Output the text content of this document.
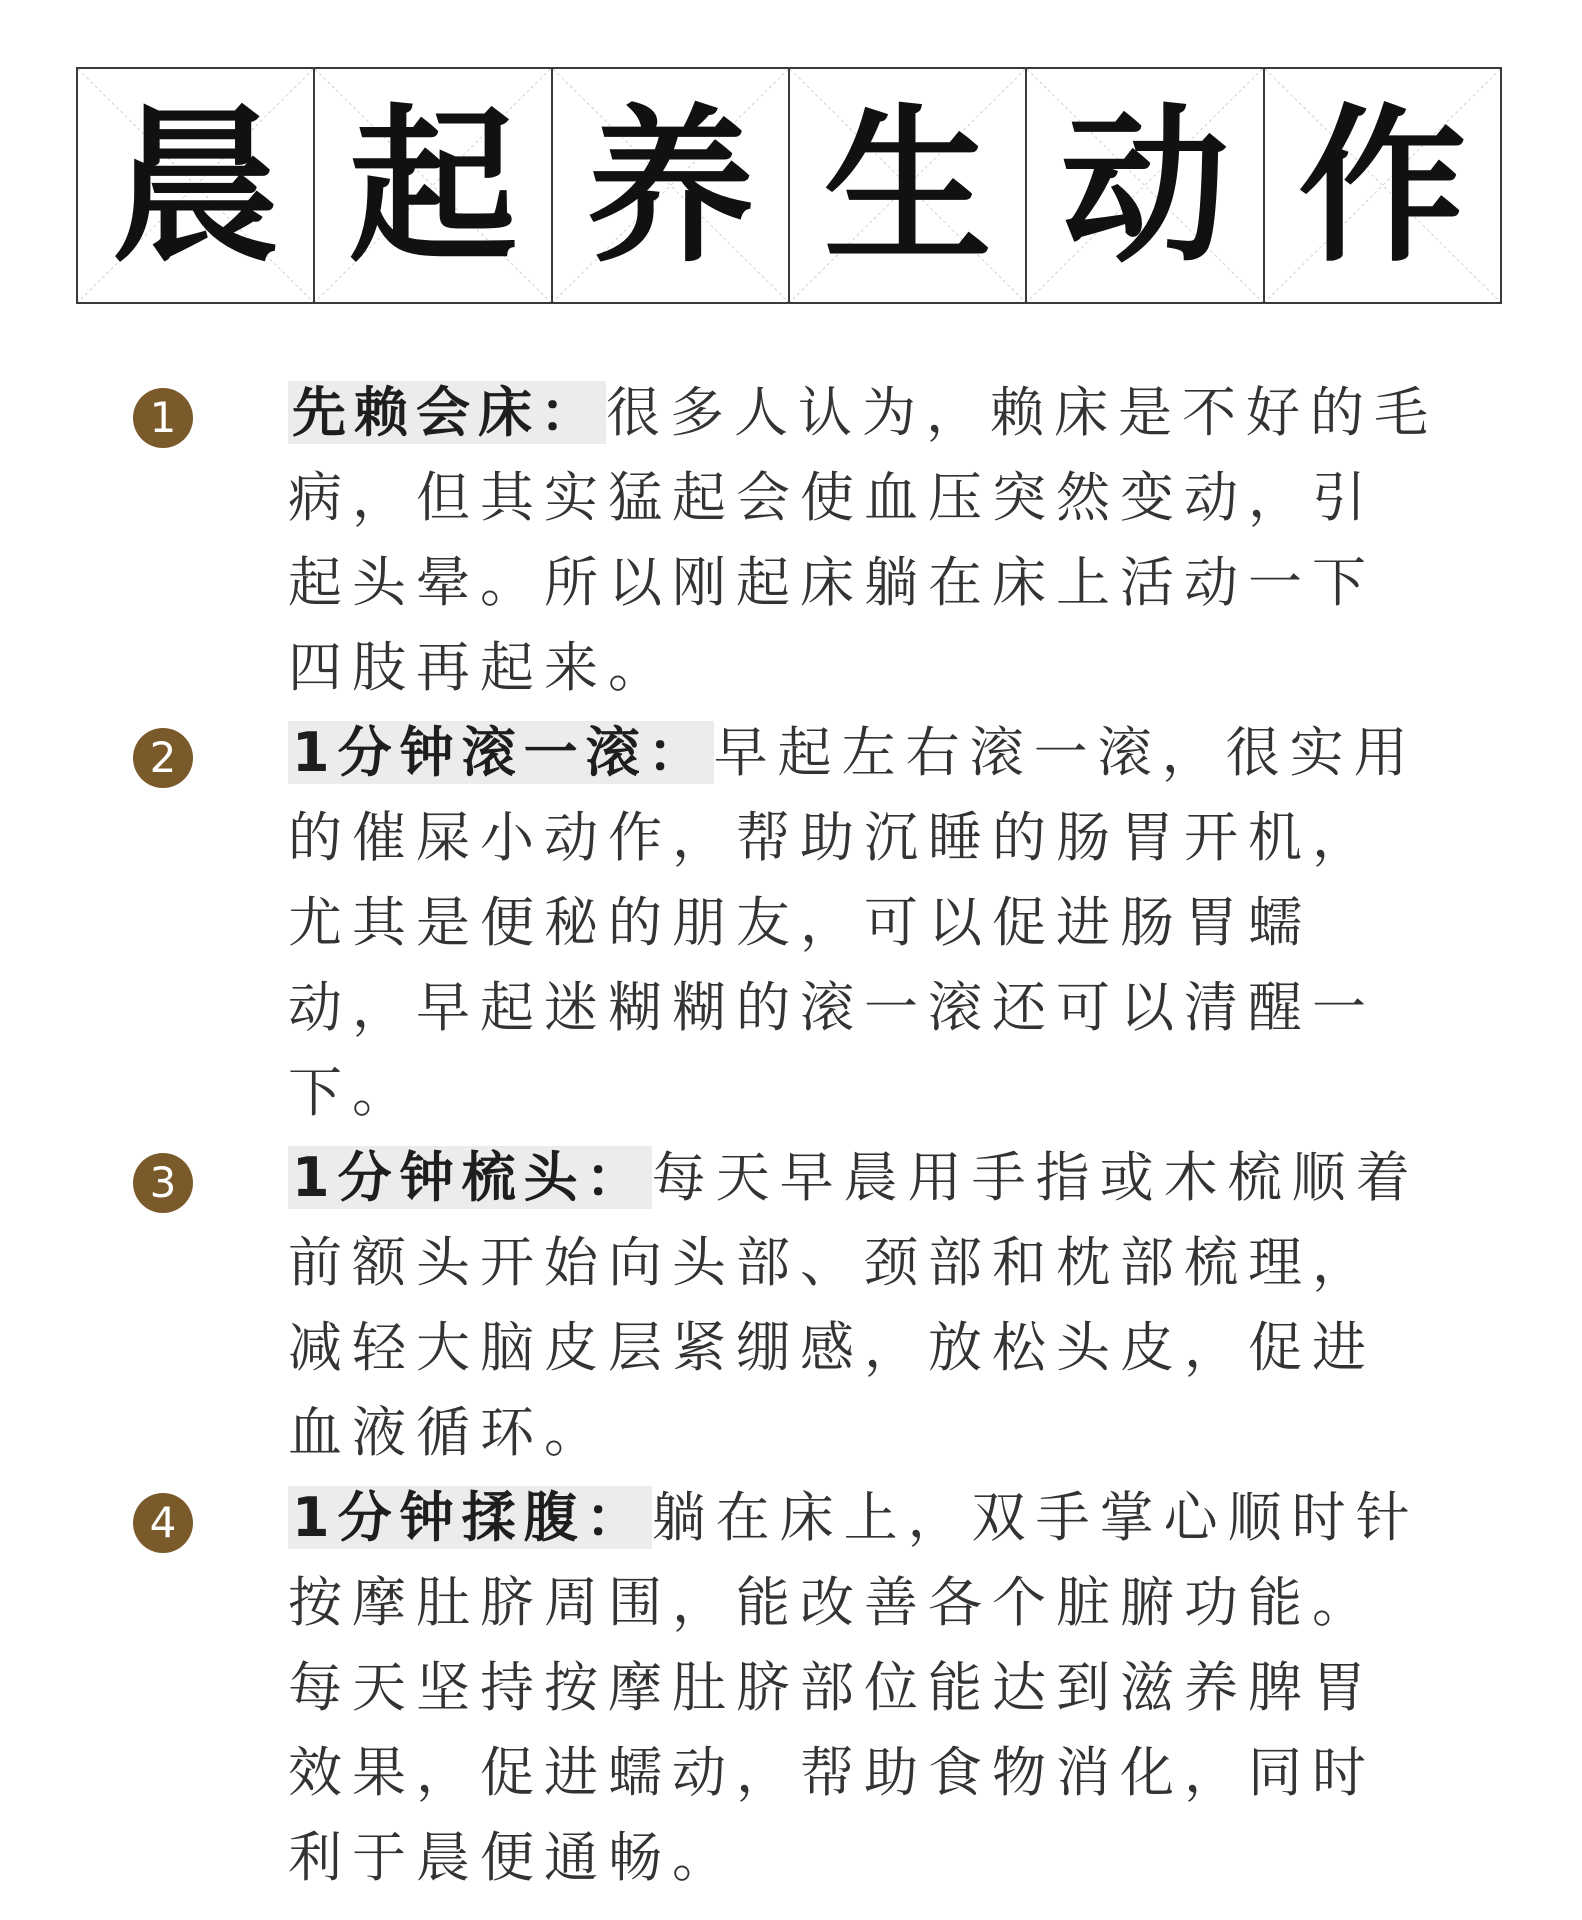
晨 起 养 生 动 作
1	先赖会床：很多人认为，赖床是不好的毛病，但其实猛起会使血压突然变动，引起头晕。所以刚起床躺在床上活动一下四肢再起来。
2	1分钟滚一滚：早起左右滚一滚，很实用的催屎小动作，帮助沉睡的肠胃开机，尤其是便秘的朋友，可以促进肠胃蠕动，早起迷糊糊的滚一滚还可以清醒一下。
3	1分钟梳头：每天早晨用手指或木梳顺着前额头开始向头部、颈部和枕部梳理，减轻大脑皮层紧绷感，放松头皮，促进血液循环。
4	1分钟揉腹：躺在床上，双手掌心顺时针按摩肚脐周围，能改善各个脏腑功能。每天坚持按摩肚脐部位能达到滋养脾胃效果，促进蠕动，帮助食物消化，同时利于晨便通畅。
